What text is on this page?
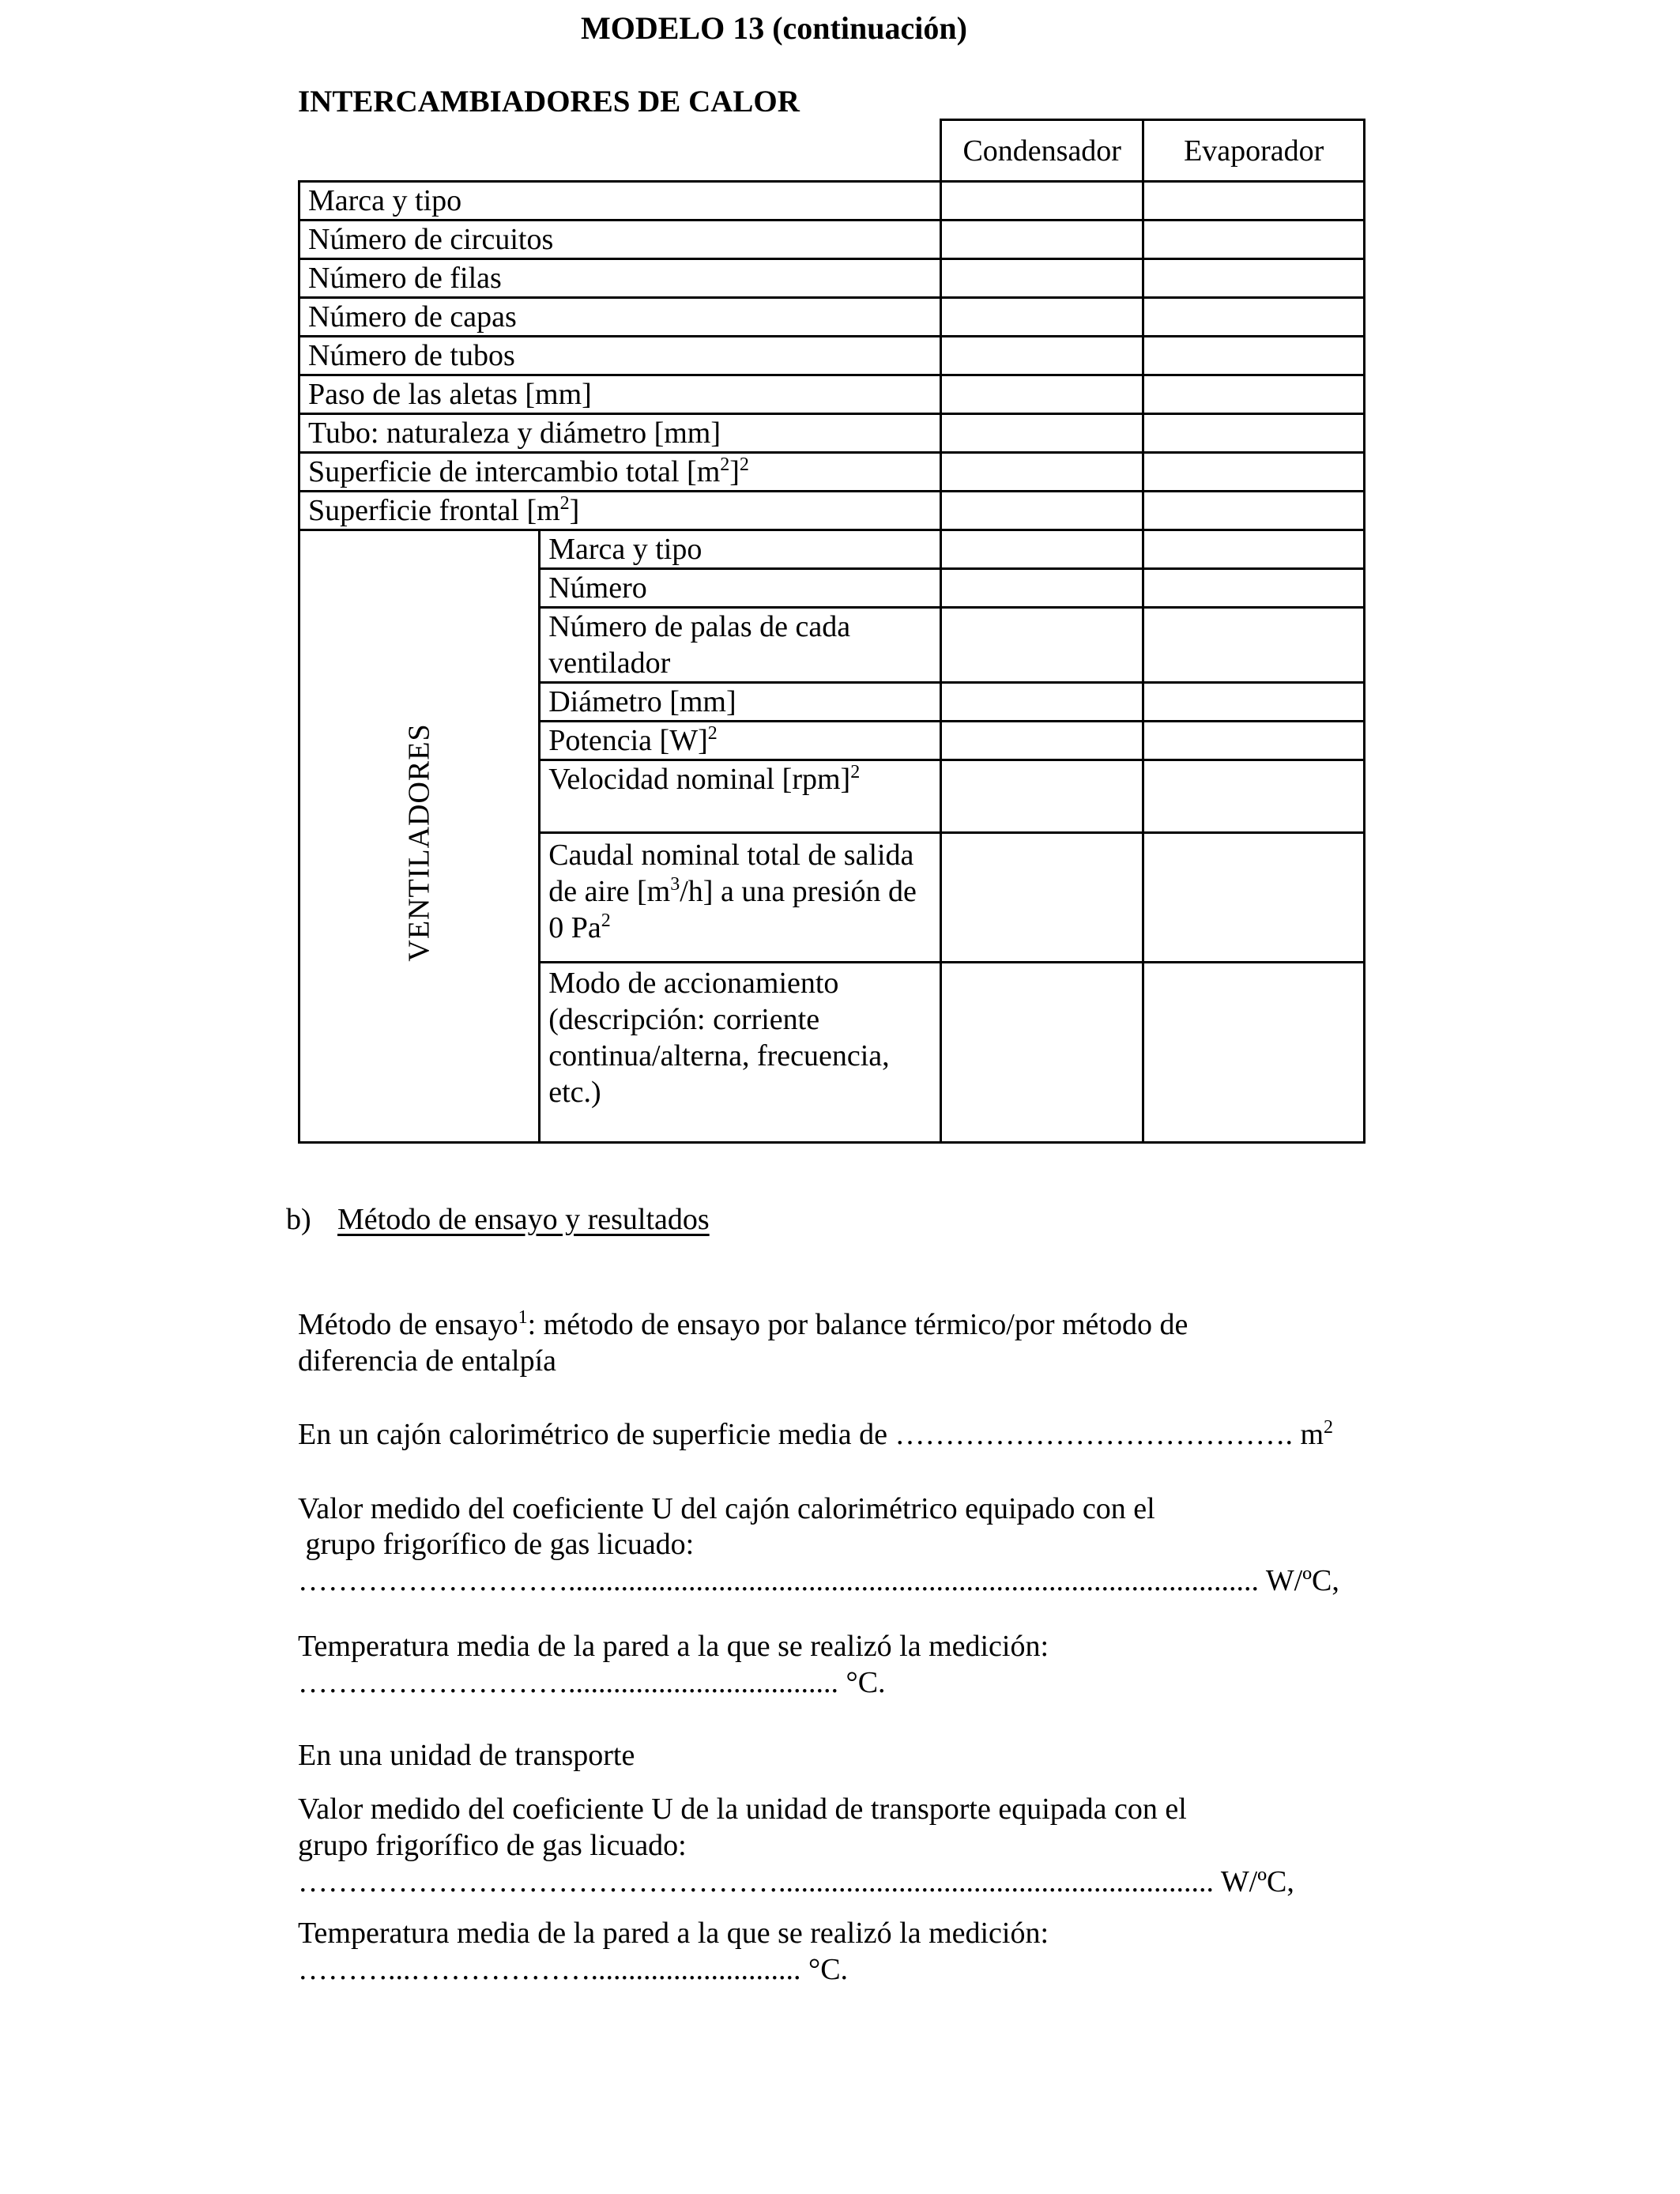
MODELO 13 (continuación)
INTERCAMBIADORES DE CALOR
		Condensador	Evaporador
Marca y tipo			
Número de circuitos			
Número de filas			
Número de capas			
Número de tubos			
Paso de las aletas [mm]			
Tubo: naturaleza y diámetro [mm]			
Superficie de intercambio total $[m^2]^2$		
Superficie frontal $[m^2]$			

VENTILADORES	Marca y tipo		
	Número		

	Número de palas de cada
ventilador		

	Diámetro [mm]		
	Potencia $[W]^2$		
	Velocidad nominal [rpm]$^2$		

	Caudal nominal total de salida
de aire $[m^3/h]$ a una presión de
0 Pa$^2$

	Modo de accionamiento
(descripción: corriente
continua/alterna, frecuencia,
etc.)		

b) Método de ensayo y resultados
Método de ensayo$^1$: método de ensayo por balance térmico/por método de
diferencia de entalpía
En un cajón calorimétrico de superficie media de …………………………………. $m^2$
Valor medido del coeficiente U del cajón calorimétrico equipado con el
grupo frigorífico de gas licuado:
………………………............................................................................................ W/ºC,
Temperatura media de la pared a la que se realizó la medición:
……………………….................................... °C.
En una unidad de transporte
Valor medido del coeficiente U de la unidad de transporte equipada con el
grupo frigorífico de gas licuado:
………………………………………….......................................................... W/ºC,
Temperatura media de la pared a la que se realizó la medición:
………...………………............................ °C.
